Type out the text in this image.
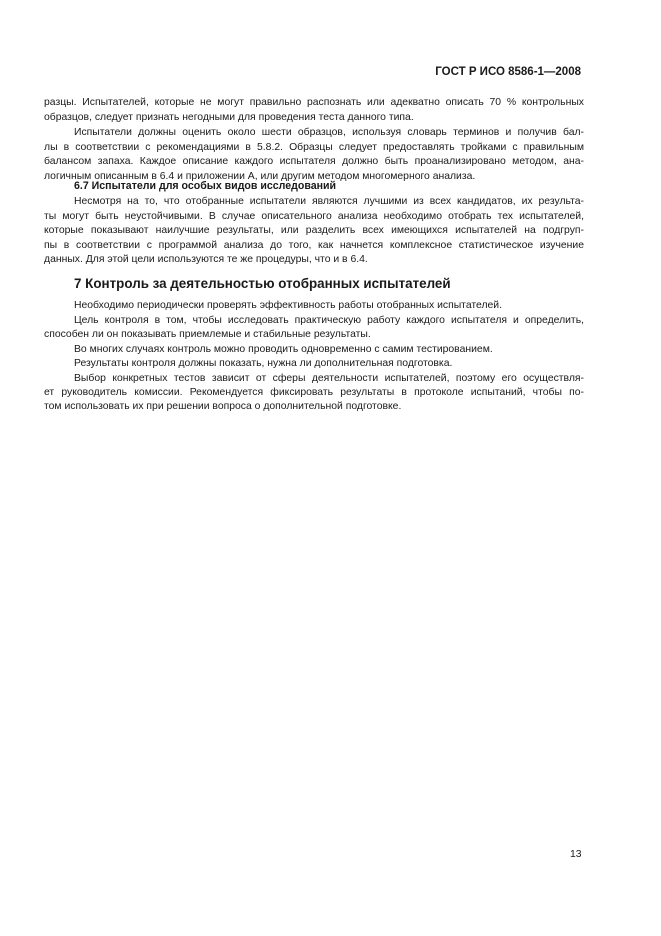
ГОСТ Р ИСО 8586-1—2008
разцы. Испытателей, которые не могут правильно распознать или адекватно описать 70 % контрольных
образцов, следует признать негодными для проведения теста данного типа.
Испытатели должны оценить около шести образцов, используя словарь терминов и получив бал-
лы в соответствии с рекомендациями в 5.8.2. Образцы следует предоставлять тройками с правильным
балансом запаха. Каждое описание каждого испытателя должно быть проанализировано методом, ана-
логичным описанным в 6.4 и приложении А, или другим методом многомерного анализа.
6.7 Испытатели для особых видов исследований
Несмотря на то, что отобранные испытатели являются лучшими из всех кандидатов, их результа-
ты могут быть неустойчивыми. В случае описательного анализа необходимо отобрать тех испытателей,
которые показывают наилучшие результаты, или разделить всех имеющихся испытателей на подгруп-
пы в соответствии с программой анализа до того, как начнется комплексное статистическое изучение
данных. Для этой цели используются те же процедуры, что и в 6.4.
7 Контроль за деятельностью отобранных испытателей
Необходимо периодически проверять эффективность работы отобранных испытателей.
Цель контроля в том, чтобы исследовать практическую работу каждого испытателя и определить,
способен ли он показывать приемлемые и стабильные результаты.
Во многих случаях контроль можно проводить одновременно с самим тестированием.
Результаты контроля должны показать, нужна ли дополнительная подготовка.
Выбор конкретных тестов зависит от сферы деятельности испытателей, поэтому его осуществля-
ет руководитель комиссии. Рекомендуется фиксировать результаты в протоколе испытаний, чтобы по-
том использовать их при решении вопроса о дополнительной подготовке.
13
